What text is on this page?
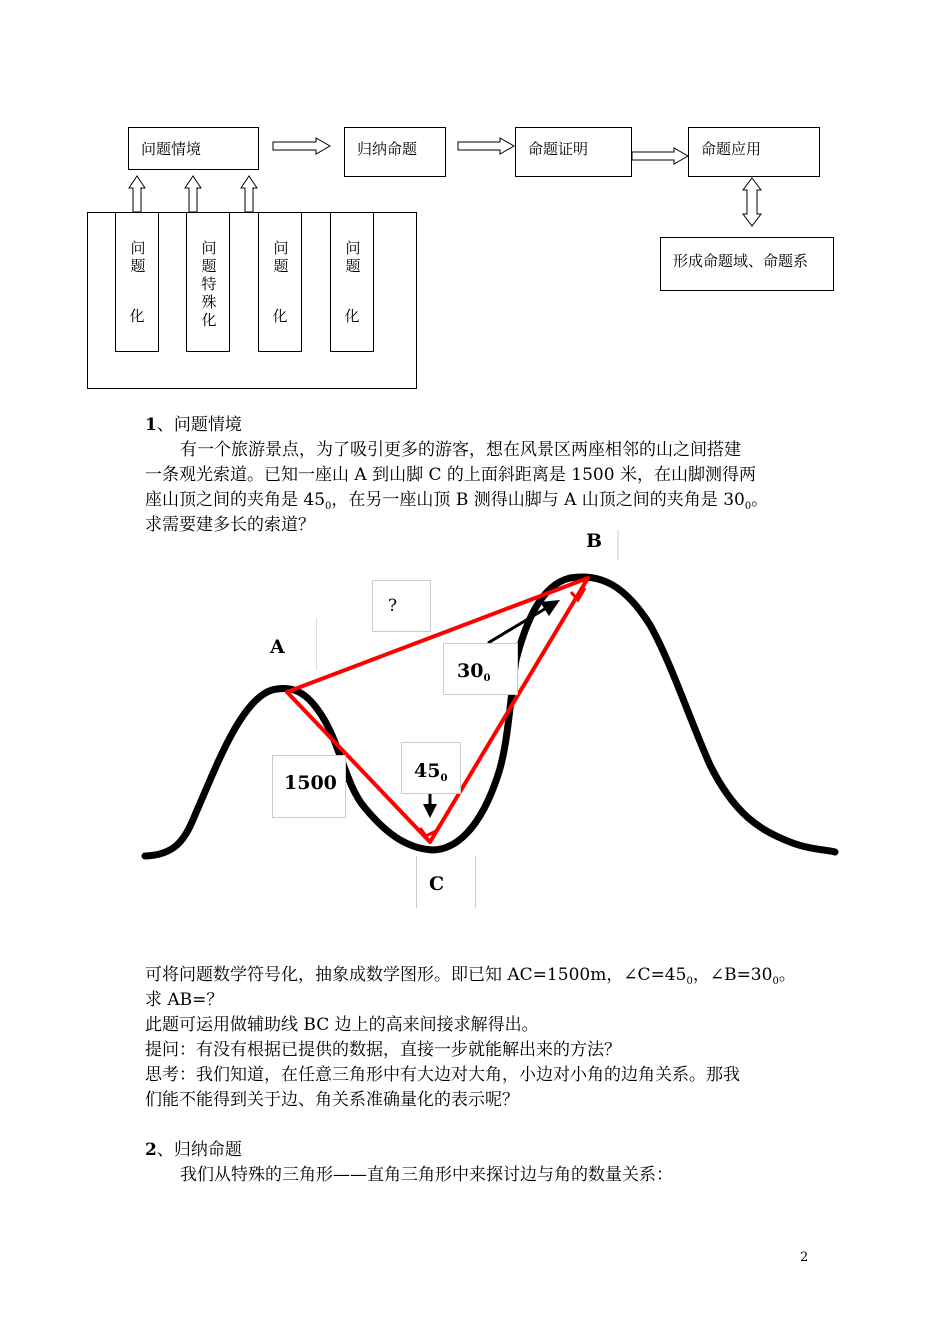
问题情境	归纳命题	命题证明	命题应用
形成命题域、命题系
问题
化
问题特殊化
问题
化
问题
化
1、问题情境
有一个旅游景点，为了吸引更多的游客，想在风景区两座相邻的山之间搭建
一条观光索道。已知一座山 A 到山脚 C 的上面斜距离是 1500 米，在山脚测得两
座山顶之间的夹角是 $45^0$，在另一座山顶 B 测得山脚与 A 山顶之间的夹角是 $30^0$。
求需要建多长的索道？
A
B
?
$30^0$
$45^0$
1500
C
可将问题数学符号化，抽象成数学图形。即已知 AC=1500m，$\angle C=45^0$，$\angle B=30^0$。
求 AB=？
此题可运用做辅助线 BC 边上的高来间接求解得出。
提问：有没有根据已提供的数据，直接一步就能解出来的方法？
思考：我们知道，在任意三角形中有大边对大角，小边对小角的边角关系。那我
们能不能得到关于边、角关系准确量化的表示呢？
2、归纳命题
我们从特殊的三角形——直角三角形中来探讨边与角的数量关系：
2
